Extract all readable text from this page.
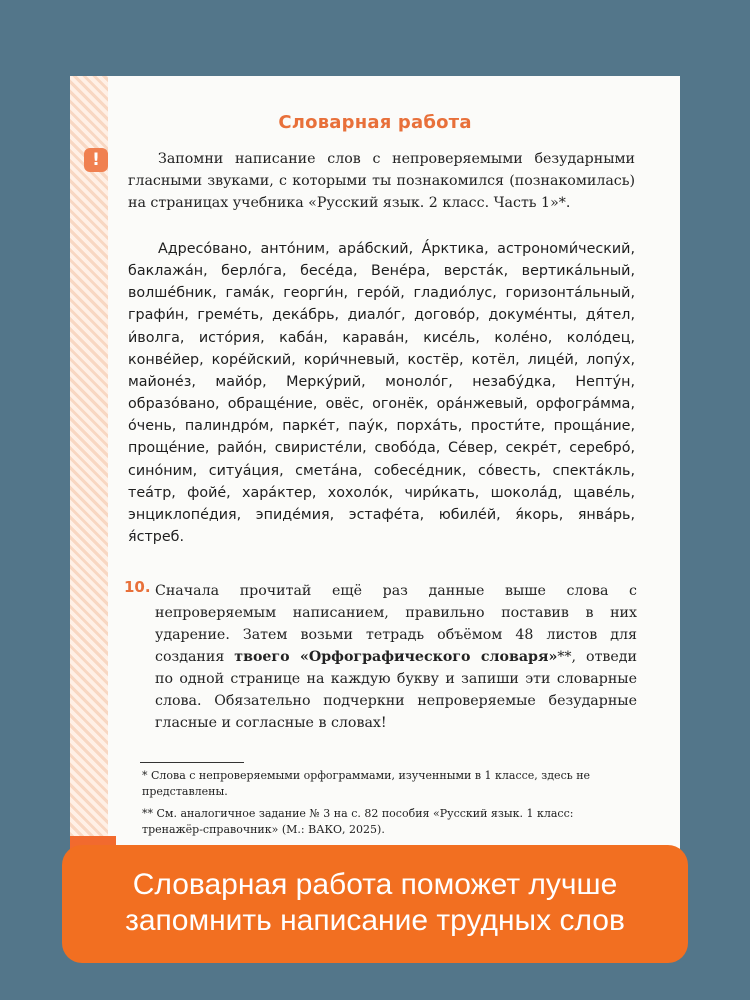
Словарная работа
!	Запомни написание слов с непроверяемыми безударными гласными звуками, с которыми ты познакомился (познакомилась) на страницах учебника «Русский язык. 2 класс. Часть 1»*.
Адресо́вано, анто́ним, ара́бский, А́рктика, астрономи́ческий, баклажа́н, берло́га, бесе́да, Вене́ра, верста́к, вертика́льный, волше́бник, гама́к, георги́н, геро́й, гладио́лус, горизонта́льный, графи́н, греме́ть, дека́брь, диало́г, догово́р, докуме́нты, дя́тел, и́волга, исто́рия, каба́н, карава́н, кисе́ль, коле́но, коло́дец, конве́йер, коре́йский, кори́чневый, костёр, котёл, лице́й, лопу́х, майоне́з, майо́р, Мерку́рий, моноло́г, незабу́дка, Непту́н, образо́вано, обраще́ние, овёс, огонёк, ора́нжевый, орфогра́мма, о́чень, палиндро́м, парке́т, пау́к, порха́ть, прости́те, проща́ние, проще́ние, райо́н, свиристе́ли, свобо́да, Се́вер, секре́т, серебро́, сино́ним, ситуа́ция, смета́на, собесе́дник, со́весть, спекта́кль, теа́тр, фойе́, хара́ктер, хохоло́к, чири́кать, шокола́д, щаве́ль, энциклопе́дия, эпиде́мия, эстафе́та, юбиле́й, я́корь, янва́рь, я́стреб.
10. Сначала прочитай ещё раз данные выше слова с непроверяемым написанием, правильно поставив в них ударение. Затем возьми тетрадь объёмом 48 листов для создания твоего «Орфографического словаря»**, отведи по одной странице на каждую букву и запиши эти словарные слова. Обязательно подчеркни непроверяемые безударные гласные и согласные в словах!
* Слова с непроверяемыми орфограммами, изученными в 1 классе, здесь не представлены.
** См. аналогичное задание № 3 на с. 82 пособия «Русский язык. 1 класс: тренажёр-справочник» (М.: ВАКО, 2025).
Словарная работа поможет лучше
запомнить написание трудных слов
